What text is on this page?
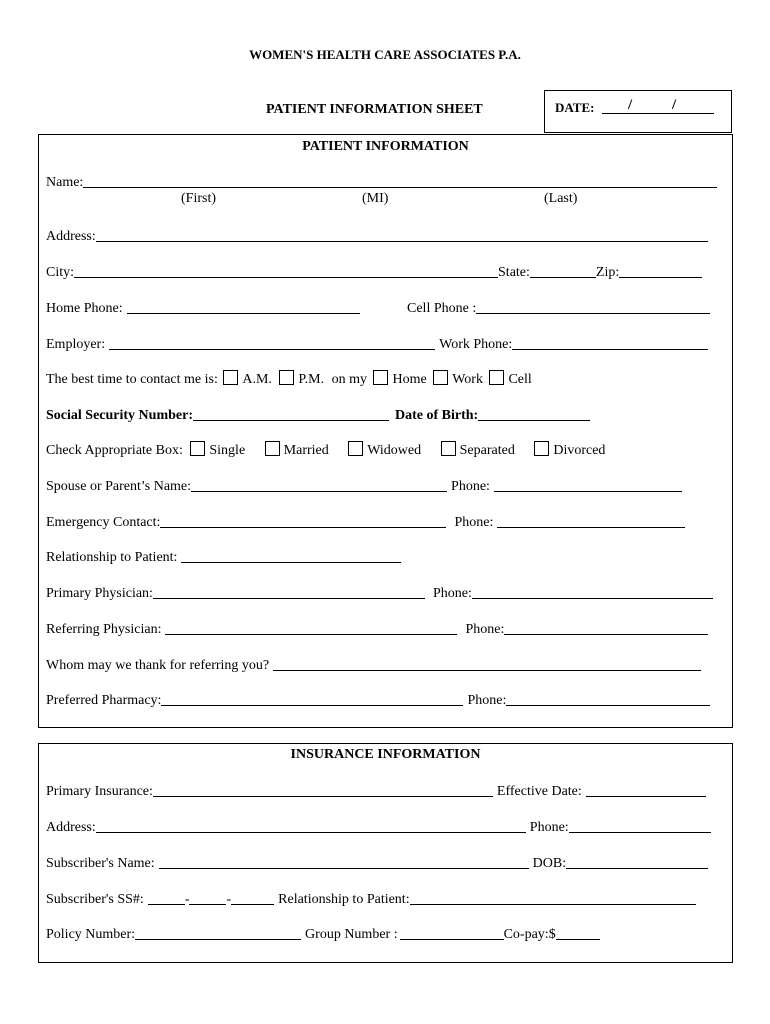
WOMEN'S HEALTH CARE ASSOCIATES P.A.
PATIENT INFORMATION SHEET	DATE: /	/
PATIENT INFORMATION
Name:
(First)	(MI)	(Last)
Address:
City:	State:	Zip:
Home Phone:	Cell Phone :
Employer:	Work Phone:
The best time to contact me is: A.M. P.M. on my Home Work Cell
Social Security Number:	Date of Birth:
Check Appropriate Box: Single	Married	Widowed	Separated	Divorced
Spouse or Parent’s Name:	Phone:
Emergency Contact:	Phone:
Relationship to Patient:
Primary Physician:	Phone:
Referring Physician:	Phone:
Whom may we thank for referring you?
Preferred Pharmacy:	Phone:
INSURANCE INFORMATION
Primary Insurance:	Effective Date:
Address:	Phone:
Subscriber's Name:	DOB:
Subscriber's SS#:	-	-	Relationship to Patient:
Policy Number:	Group Number :	Co-pay:$
